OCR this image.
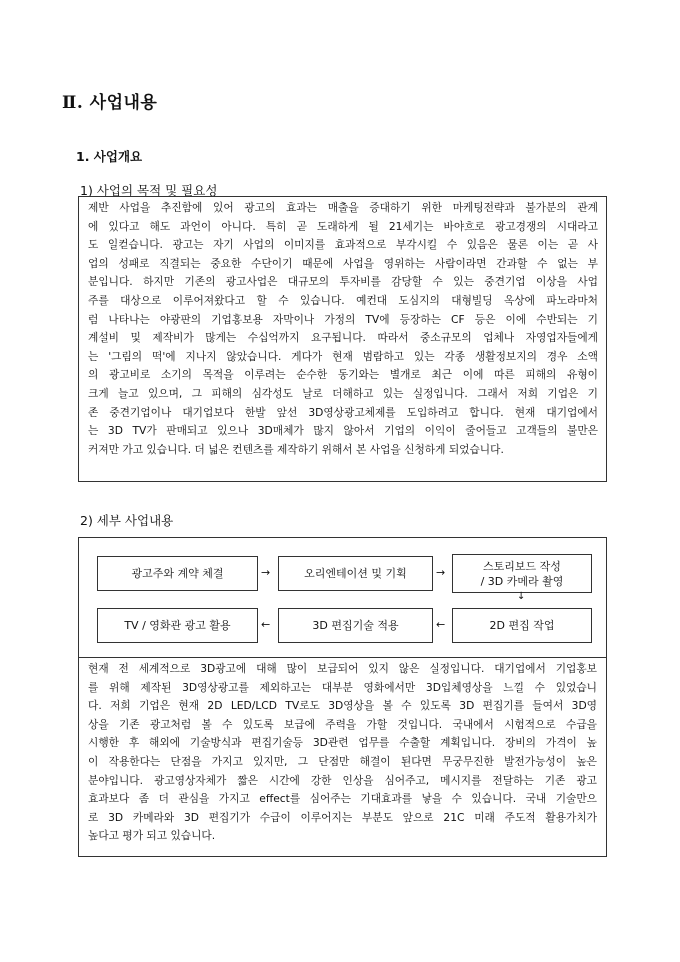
Ⅱ. 사업내용
1. 사업개요
1) 사업의 목적 및 필요성
제반 사업을 추진함에 있어 광고의 효과는 매출을 증대하기 위한 마케팅전략과 불가분의 관계
에 있다고 해도 과언이 아니다. 특히 곧 도래하게 될 21세기는 바야흐로 광고경쟁의 시대라고
도 일컫습니다. 광고는 자기 사업의 이미지를 효과적으로 부각시킬 수 있음은 물론 이는 곧 사
업의 성패로 직결되는 중요한 수단이기 때문에 사업을 영위하는 사람이라면 간과할 수 없는 부
분입니다. 하지만 기존의 광고사업은 대규모의 투자비를 감당할 수 있는 중견기업 이상을 사업
주를 대상으로 이루어져왔다고 할 수 있습니다. 예컨대 도심지의 대형빌딩 옥상에 파노라마처
럼 나타나는 야광판의 기업홍보용 자막이나 가정의 TV에 등장하는 CF 등은 이에 수반되는 기
계설비 및 제작비가 많게는 수십억까지 요구됩니다. 따라서 중소규모의 업체나 자영업자들에게
는 '그림의 떡'에 지나지 않았습니다. 게다가 현재 범람하고 있는 각종 생활정보지의 경우 소액
의 광고비로 소기의 목적을 이루려는 순수한 동기와는 별개로 최근 이에 따른 피해의 유형이
크게 늘고 있으며, 그 피해의 심각성도 날로 더해하고 있는 실정입니다. 그래서 저희 기업은 기
존 중견기업이나 대기업보다 한발 앞선 3D영상광고체제를 도입하려고 합니다. 현재 대기업에서
는 3D TV가 판매되고 있으나 3D매체가 많지 않아서 기업의 이익이 줄어들고 고객들의 불만은
커져만 가고 있습니다. 더 넓은 컨텐츠를 제작하기 위해서 본 사업을 신청하게 되었습니다.
2) 세부 사업내용
광고주와 계약 체결	→	오리엔테이션 및 기획	→	스토리보드 작성
/ 3D 카메라 촬영
↓
TV / 영화관 광고 활용	←	3D 편집기술 적용	←	2D 편집 작업
현재 전 세계적으로 3D광고에 대해 많이 보급되어 있지 않은 실정입니다. 대기업에서 기업홍보
를 위해 제작된 3D영상광고를 제외하고는 대부분 영화에서만 3D입체영상을 느낄 수 있었습니
다. 저희 기업은 현재 2D LED/LCD TV로도 3D영상을 볼 수 있도록 3D 편집기를 들여서 3D영
상을 기존 광고처럼 볼 수 있도록 보급에 주력을 가할 것입니다. 국내에서 시험적으로 수급을
시행한 후 해외에 기술방식과 편집기술등 3D관련 업무를 수출할 계획입니다. 장비의 가격이 높
이 작용한다는 단점을 가지고 있지만, 그 단점만 해결이 된다면 무궁무진한 발전가능성이 높은
분야입니다. 광고영상자체가 짧은 시간에 강한 인상을 심어주고, 메시지를 전달하는 기존 광고
효과보다 좀 더 관심을 가지고 effect를 심어주는 기대효과를 낳을 수 있습니다. 국내 기술만으
로 3D 카메라와 3D 편집기가 수급이 이루어지는 부분도 앞으로 21C 미래 주도적 활용가치가
높다고 평가 되고 있습니다.
